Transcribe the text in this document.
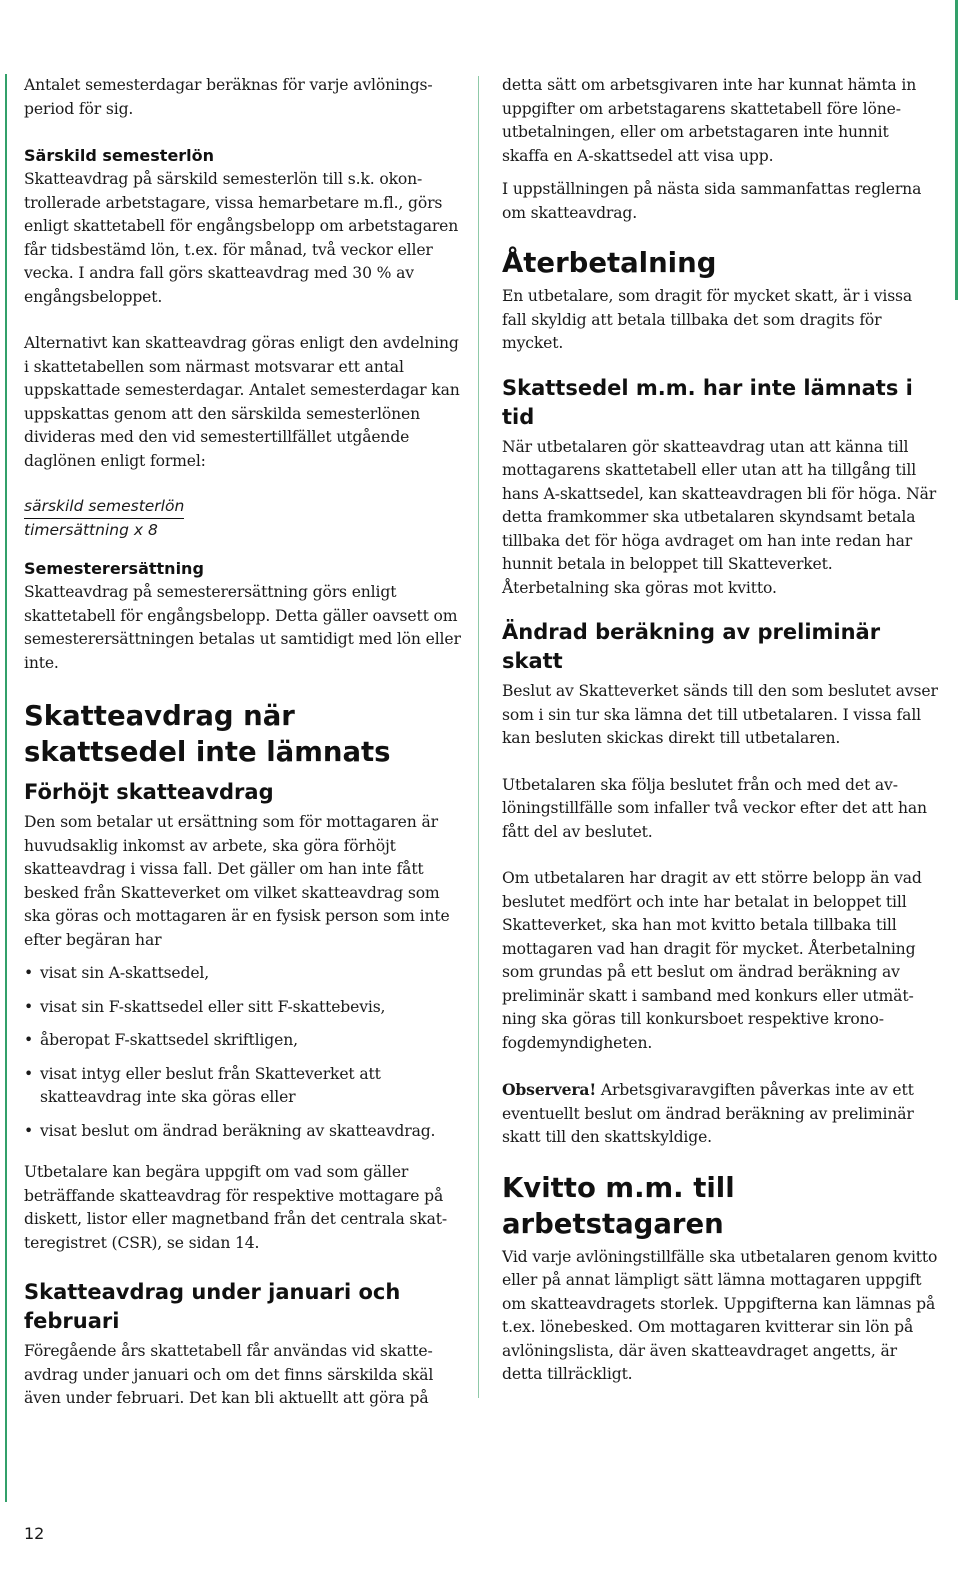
Antalet semesterdagar beräknas för varje avlöningsperiod för sig.

Särskild semesterlön

Skatteavdrag på särskild semesterlön till s.k. okontrollerade arbetstagare, vissa hemarbetare m.fl., görs enligt skattetabell för engångsbelopp om arbetstagaren får tidsbestämd lön, t.ex. för månad, två veckor eller vecka. I andra fall görs skatteavdrag med 30 % av engångsbeloppet.

Alternativt kan skatteavdrag göras enligt den avdelning i skattetabellen som närmast motsvarar ett antal uppskattade semesterdagar. Antalet semesterdagar kan uppskattas genom att den särskilda semesterlönen divideras med den vid semestertillfället utgående daglönen enligt formel:

särskild semesterlön
timersättning x 8
Semesterersättning

Skatteavdrag på semesterersättning görs enligt skattetabell för engångsbelopp. Detta gäller oavsett om semesterersättningen betalas ut samtidigt med lön eller inte.

Skatteavdrag när skattsedel inte lämnats
Förhöjt skatteavdrag

Den som betalar ut ersättning som för mottagaren är huvudsaklig inkomst av arbete, ska göra förhöjt skatteavdrag i vissa fall. Det gäller om han inte fått besked från Skatteverket om vilket skatteavdrag som ska göras och mottagaren är en fysisk person som inte efter begäran har

• visat sin A-skattsedel,
• visat sin F-skattsedel eller sitt F-skattebevis,
• åberopat F-skattsedel skriftligen,
• visat intyg eller beslut från Skatteverket att skatteavdrag inte ska göras eller
• visat beslut om ändrad beräkning av skatteavdrag.

Utbetalare kan begära uppgift om vad som gäller beträffande skatteavdrag för respektive mottagare på diskett, listor eller magnetband från det centrala skatteregistret (CSR), se sidan 14.

Skatteavdrag under januari och februari

Föregående års skattetabell får användas vid skatteavdrag under januari och om det finns särskilda skäl även under februari. Det kan bli aktuellt att göra på

detta sätt om arbetsgivaren inte har kunnat hämta in uppgifter om arbetstagarens skattetabell före löneutbetalningen, eller om arbetstagaren inte hunnit skaffa en A-skattsedel att visa upp.

I uppställningen på nästa sida sammanfattas reglerna om skatteavdrag.

Återbetalning

En utbetalare, som dragit för mycket skatt, är i vissa fall skyldig att betala tillbaka det som dragits för mycket.

Skattsedel m.m. har inte lämnats i tid

När utbetalaren gör skatteavdrag utan att känna till mottagarens skattetabell eller utan att ha tillgång till hans A-skattsedel, kan skatteavdragen bli för höga. När detta framkommer ska utbetalaren skyndsamt betala tillbaka det för höga avdraget om han inte redan har hunnit betala in beloppet till Skatteverket. Återbetalning ska göras mot kvitto.

Ändrad beräkning av preliminär skatt

Beslut av Skatteverket sänds till den som beslutet avser som i sin tur ska lämna det till utbetalaren. I vissa fall kan besluten skickas direkt till utbetalaren.

Utbetalaren ska följa beslutet från och med det avlöningstillfälle som infaller två veckor efter det att han fått del av beslutet.

Om utbetalaren har dragit av ett större belopp än vad beslutet medfört och inte har betalat in beloppet till Skatteverket, ska han mot kvitto betala tillbaka till mottagaren vad han dragit för mycket. Återbetalning som grundas på ett beslut om ändrad beräkning av preliminär skatt i samband med konkurs eller utmätning ska göras till konkursboet respektive kronofogdemyndigheten.

Observera! Arbetsgivaravgiften påverkas inte av ett eventuellt beslut om ändrad beräkning av preliminär skatt till den skattskyldige.

Kvitto m.m. till arbetstagaren

Vid varje avlöningstillfälle ska utbetalaren genom kvitto eller på annat lämpligt sätt lämna mottagaren uppgift om skatteavdragets storlek. Uppgifterna kan lämnas på t.ex. lönebesked. Om mottagaren kvitterar sin lön på avlöningslista, där även skatteavdraget angetts, är detta tillräckligt.

12
